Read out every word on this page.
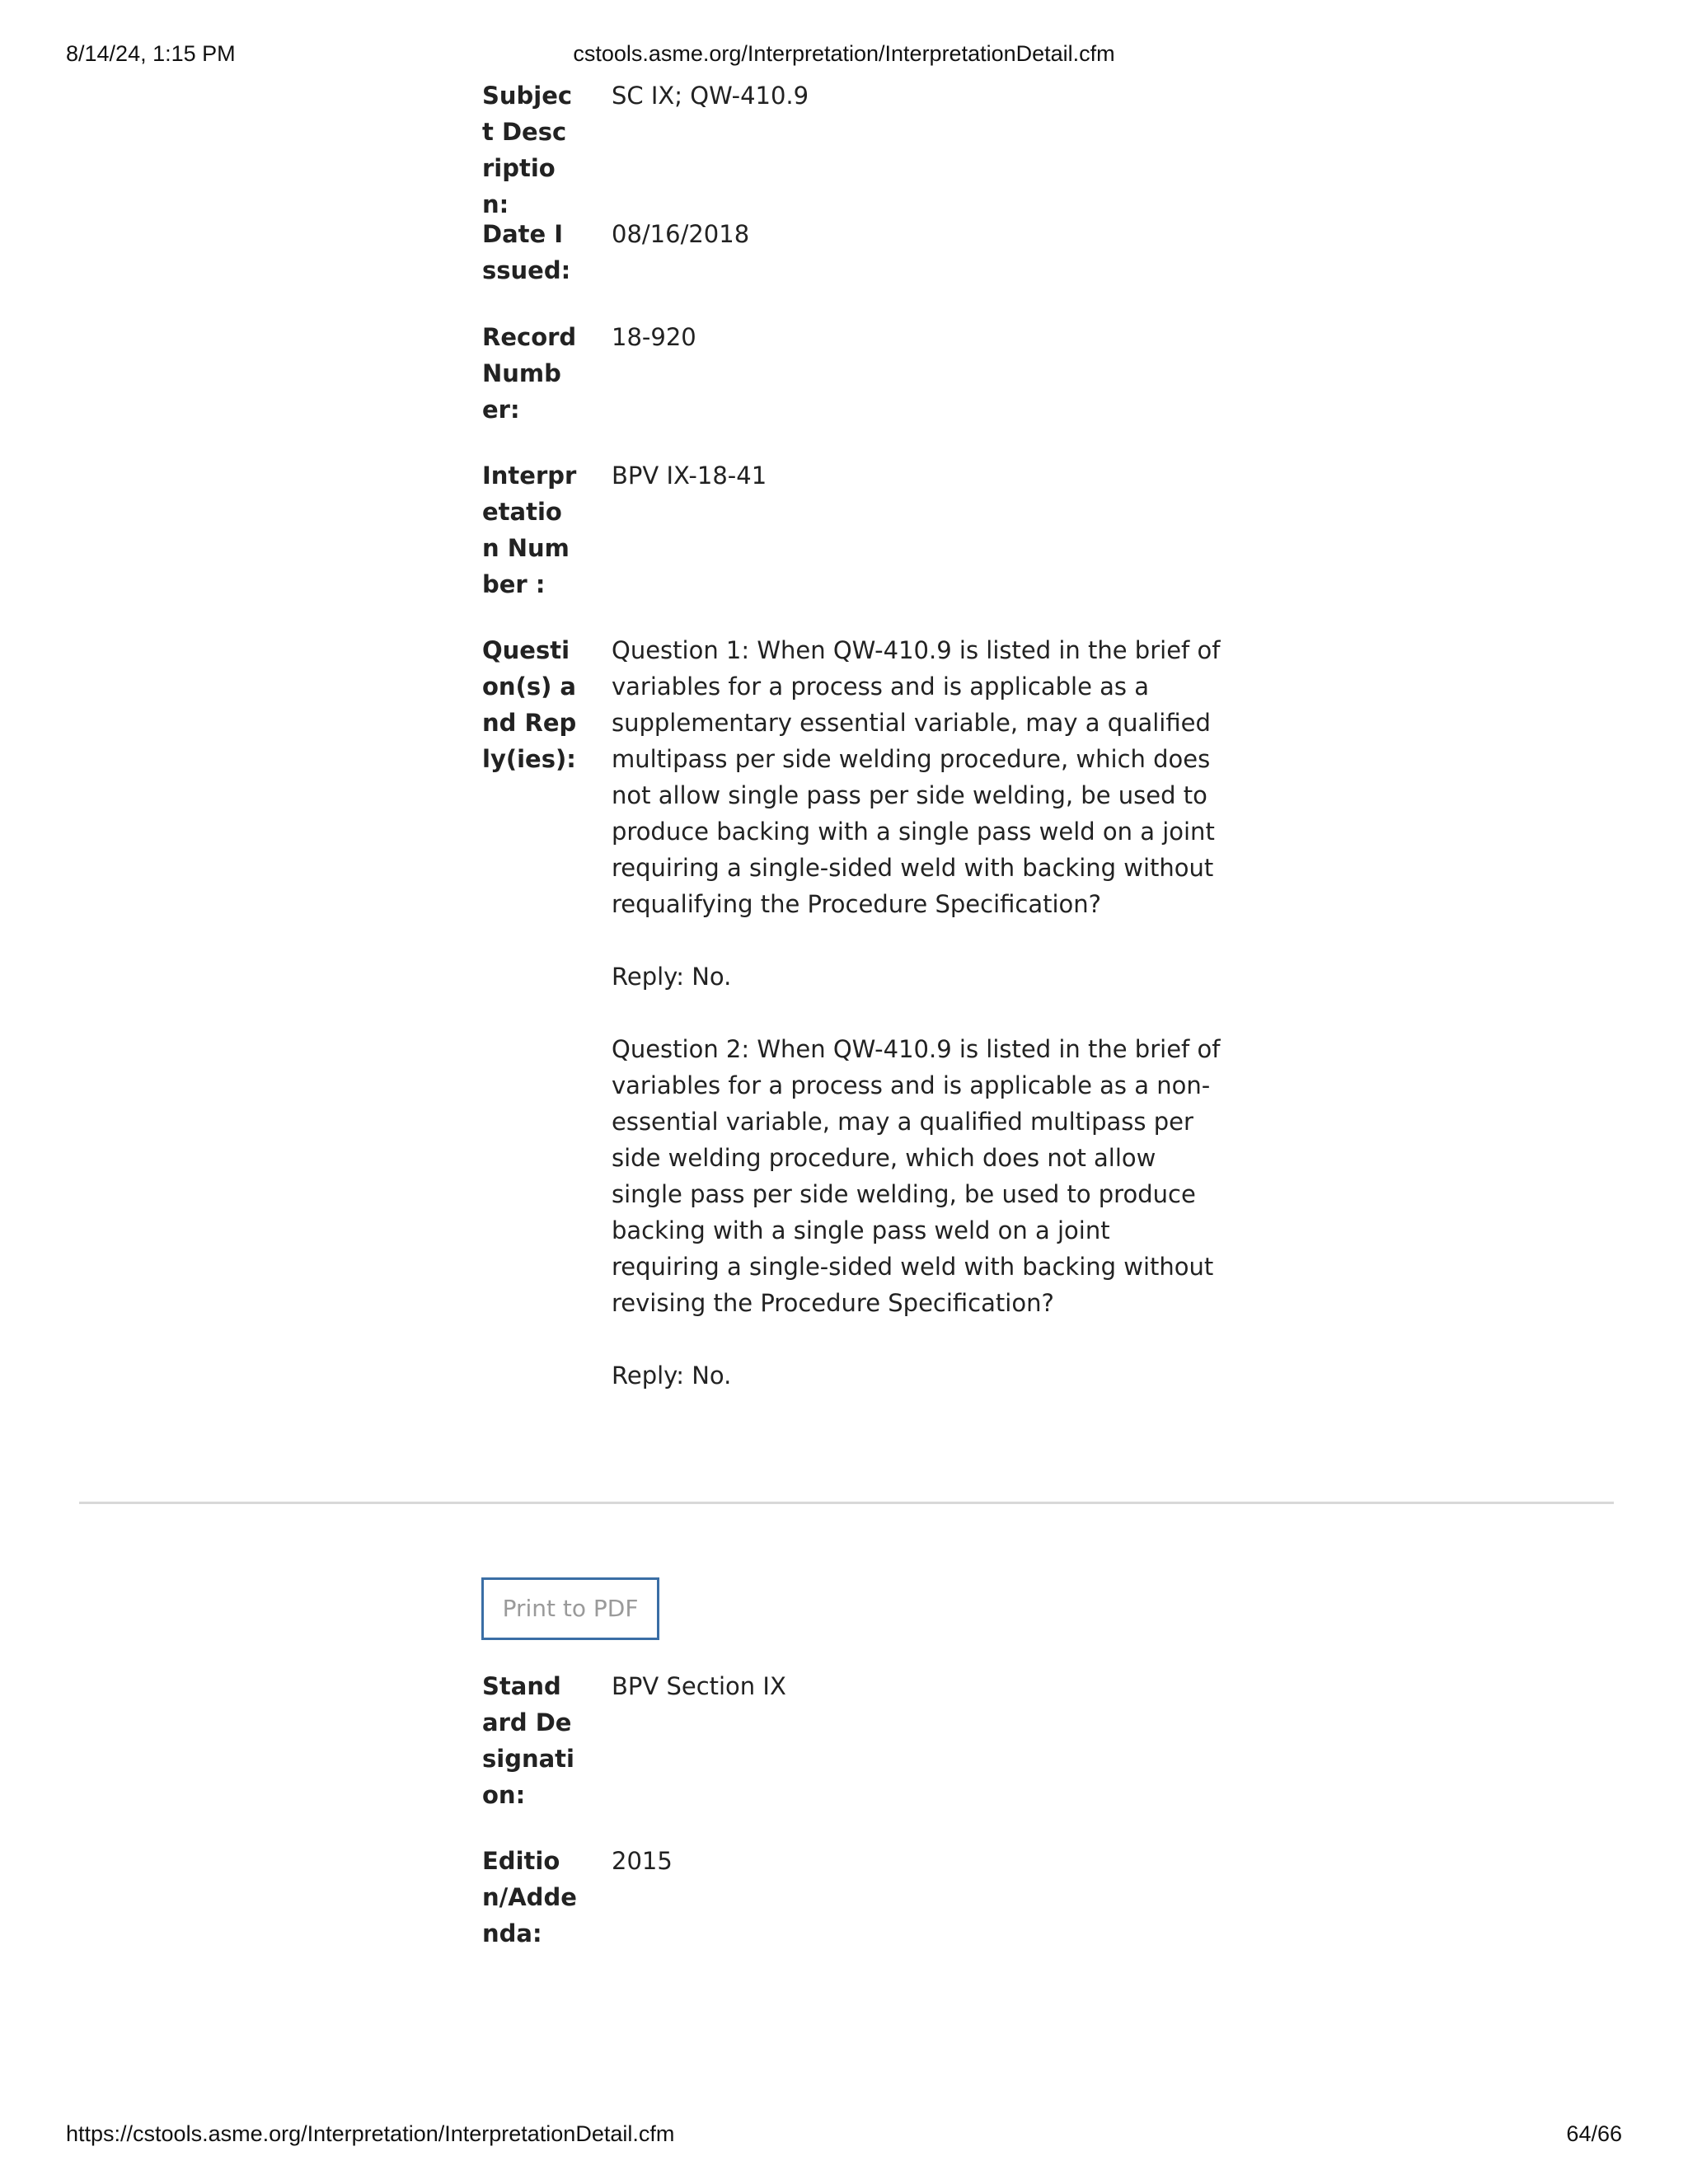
8/14/24, 1:15 PM	cstools.asme.org/Interpretation/InterpretationDetail.cfm
Subject Description:
SC IX; QW-410.9
Date Issued:
08/16/2018
Record Number:
18-920
Interpretation Number :
BPV IX-18-41
Question(s) and Reply(ies):

Question 1: When QW-410.9 is listed in the brief of variables for a process and is applicable as a supplementary essential variable, may a qualified multipass per side welding procedure, which does not allow single pass per side welding, be used to produce backing with a single pass weld on a joint requiring a single-sided weld with backing without requalifying the Procedure Specification?

Reply: No.

Question 2: When QW-410.9 is listed in the brief of variables for a process and is applicable as a non-essential variable, may a qualified multipass per side welding procedure, which does not allow single pass per side welding, be used to produce backing with a single pass weld on a joint requiring a single-sided weld with backing without revising the Procedure Specification?

Reply: No.

Print to PDF
Standard Designation:
BPV Section IX
Edition/Addenda:
2015
https://cstools.asme.org/Interpretation/InterpretationDetail.cfm	64/66
